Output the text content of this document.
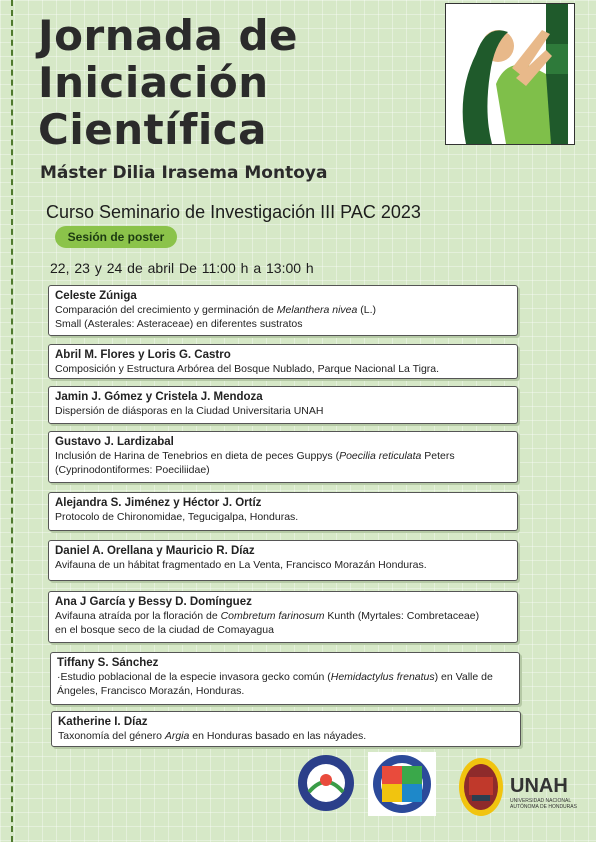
Jornada de
Iniciación
Científica
Máster Dilia Irasema Montoya
Curso Seminario de Investigación III PAC 2023
Sesión de poster
22, 23 y 24 de abril De 11:00 h a 13:00 h
Celeste Zúniga
Comparación del crecimiento y germinación de Melanthera nivea (L.)
Small (Asterales: Asteraceae) en diferentes sustratos
Abril M. Flores y Loris G. Castro
Composición y Estructura Arbórea del Bosque Nublado, Parque Nacional La Tigra.
Jamin J. Gómez y Cristela J. Mendoza
Dispersión de diásporas en la Ciudad Universitaria UNAH
Gustavo J. Lardizabal
Inclusión de Harina de Tenebrios en dieta de peces Guppys (Poecilia reticulata Peters
(Cyprinodontiformes: Poeciliidae)
Alejandra S. Jiménez y Héctor J. Ortíz
Protocolo de Chironomidae, Tegucigalpa, Honduras.
Daniel A. Orellana y Mauricio R. Díaz
Avifauna de un hábitat fragmentado en La Venta, Francisco Morazán Honduras.
Ana J García y Bessy D. Domínguez
Avifauna atraída por la floración de Combretum farinosum Kunth (Myrtales: Combretaceae)
en el bosque seco de la ciudad de Comayagua
Tiffany S. Sánchez
·Estudio poblacional de la especie invasora gecko común (Hemidactylus frenatus) en Valle de
Ángeles, Francisco Morazán, Honduras.
Katherine I. Díaz
Taxonomía del género Argia en Honduras basado en las náyades.
UNAH
UNIVERSIDAD NACIONAL AUTÓNOMA DE HONDURAS
